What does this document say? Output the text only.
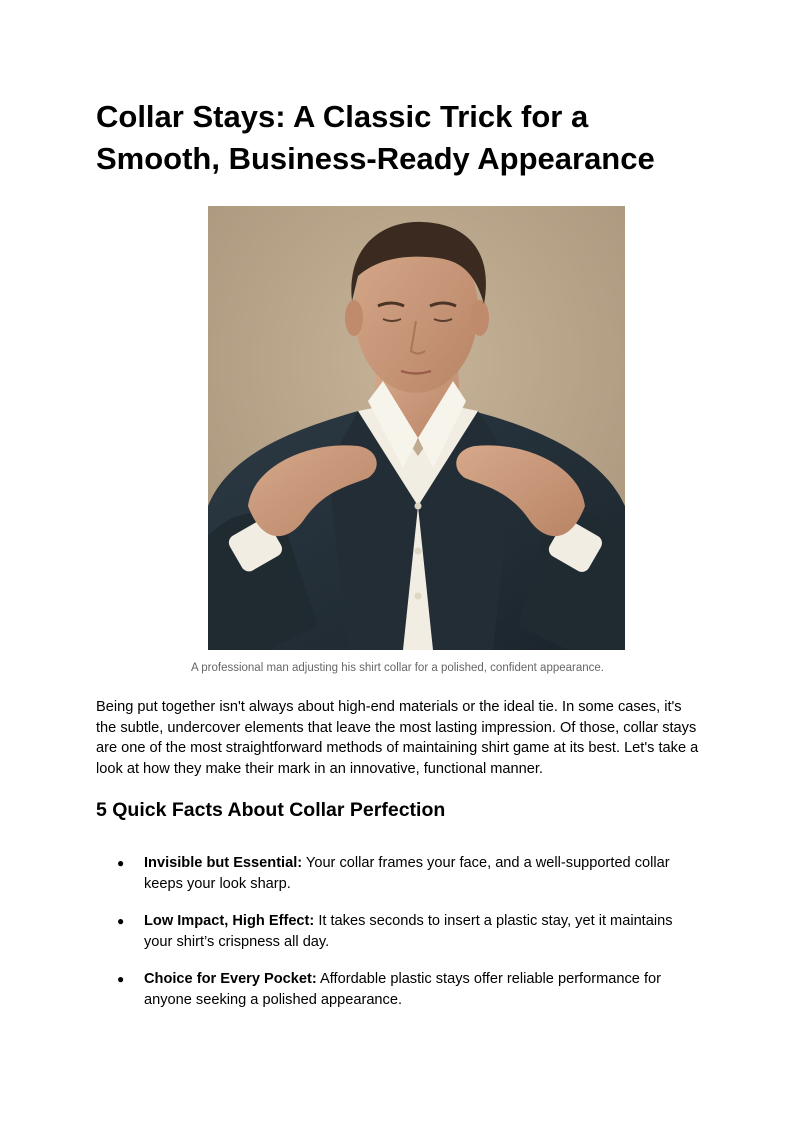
Collar Stays: A Classic Trick for a Smooth, Business-Ready Appearance
A professional man adjusting his shirt collar for a polished, confident appearance.

Being put together isn't always about high-end materials or the ideal tie. In some cases, it's the subtle, undercover elements that leave the most lasting impression. Of those, collar stays are one of the most straightforward methods of maintaining shirt game at its best. Let's take a look at how they make their mark in an innovative, functional manner.

5 Quick Facts About Collar Perfection
● Invisible but Essential: Your collar frames your face, and a well-supported collar keeps your look sharp.
● Low Impact, High Effect: It takes seconds to insert a plastic stay, yet it maintains your shirt’s crispness all day.
● Choice for Every Pocket: Affordable plastic stays offer reliable performance for anyone seeking a polished appearance.
